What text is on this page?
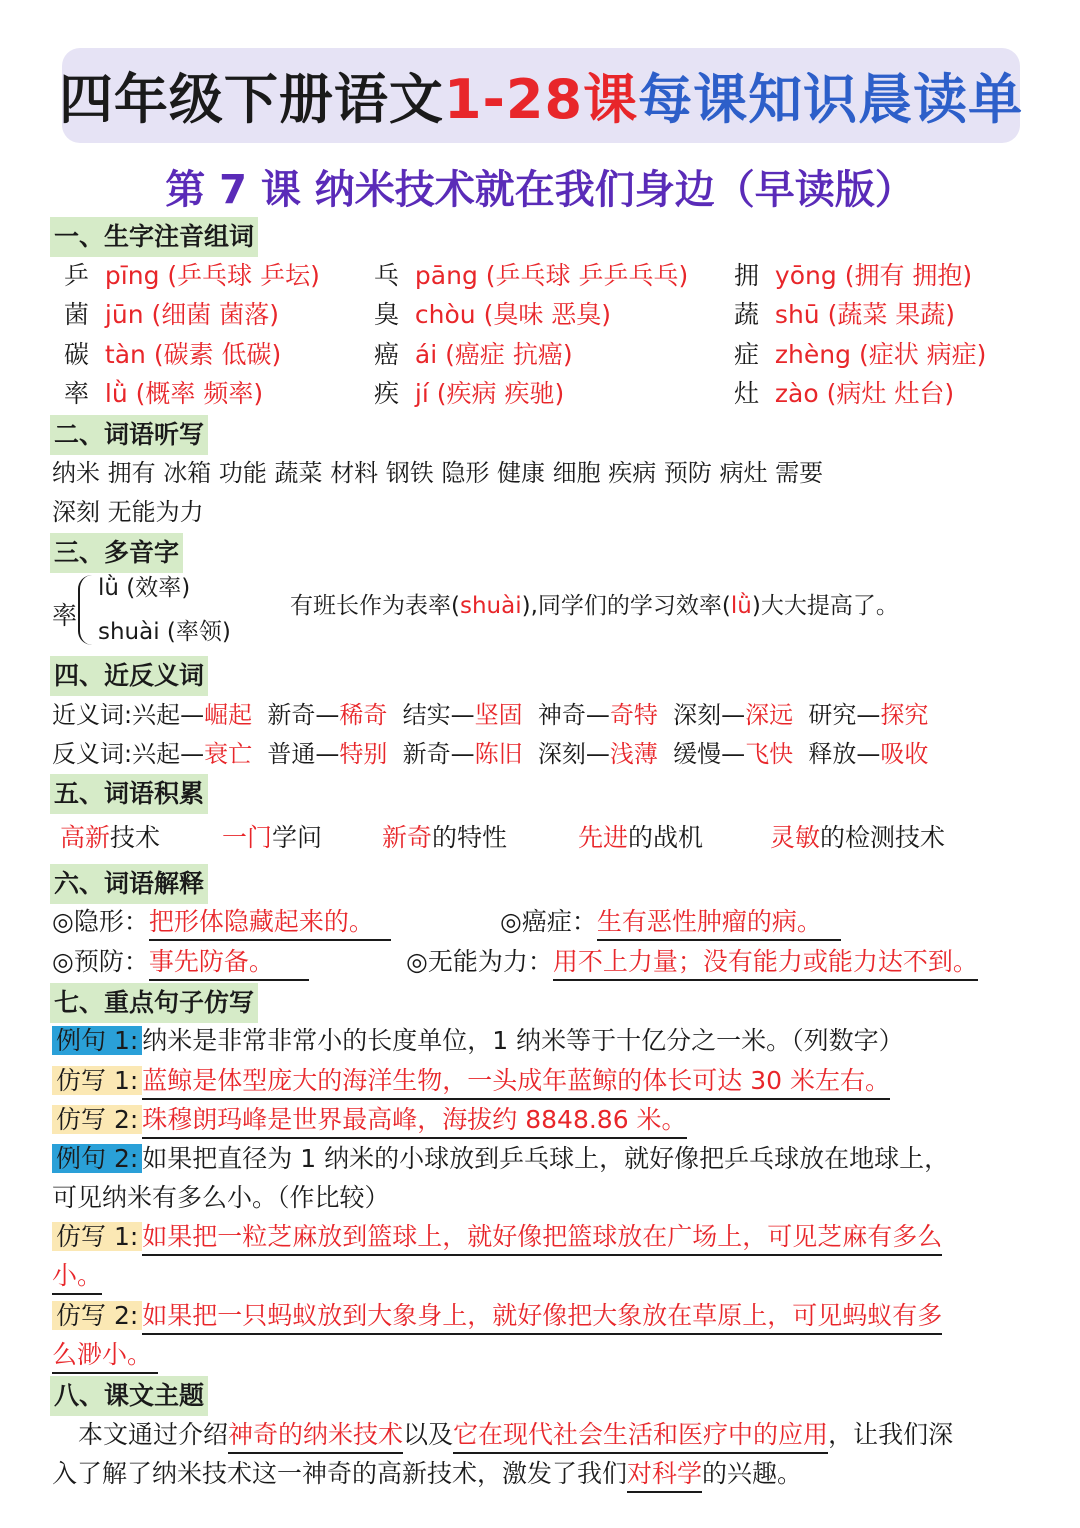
四年级下册语文 1-28课 每课知识晨读单
第 7 课 纳米技术就在我们身边（早读版）
一、生字注音组词
乒 pīng (乒乓球 乒坛) 乓 pāng (乒乓球 乒乒乓乓) 拥 yōng (拥有 拥抱)
菌 jūn (细菌 菌落)	臭 chòu (臭味 恶臭)	蔬 shū (蔬菜 果蔬)
碳 tàn (碳素 低碳)	癌 ái (癌症 抗癌)	症 zhèng (症状 病症)
率 lǜ (概率 频率)	疾 jí (疾病 疾驰)	灶 zào (病灶 灶台)
二、词语听写
纳米 拥有 冰箱 功能 蔬菜 材料 钢铁 隐形 健康 细胞 疾病 预防 病灶 需要
深刻 无能为力
三、多音字
率
lǜ (效率)
shuài (率领)
有班长作为表率(shuài),同学们的学习效率(lǜ)大大提高了。
四、近反义词
近义词:兴起—崛起 新奇—稀奇 结实—坚固 神奇—奇特 深刻—深远 研究—探究
反义词:兴起—衰亡 普通—特别 新奇—陈旧 深刻—浅薄 缓慢—飞快 释放—吸收
五、词语积累
高新技术 一门学问 新奇的特性	先进的战机	灵敏的检测技术
六、词语解释
◎隐形：把形体隐藏起来的。	◎癌症：生有恶性肿瘤的病。
◎预防：事先防备。	◎无能为力：用不上力量；没有能力或能力达不到。
七、重点句子仿写
例句 1: 纳米是非常非常小的长度单位，1 纳米等于十亿分之一米。（列数字）
仿写 1: 蓝鲸是体型庞大的海洋生物，一头成年蓝鲸的体长可达 30 米左右。
仿写 2: 珠穆朗玛峰是世界最高峰，海拔约 8848.86 米。
例句 2: 如果把直径为 1 纳米的小球放到乒乓球上，就好像把乒乓球放在地球上，
可见纳米有多么小。（作比较）
仿写 1: 如果把一粒芝麻放到篮球上，就好像把篮球放在广场上，可见芝麻有多么
小。
仿写 2: 如果把一只蚂蚁放到大象身上，就好像把大象放在草原上，可见蚂蚁有多
么渺小。
八、课文主题
本文通过介绍神奇的纳米技术以及它在现代社会生活和医疗中的应用，让我们深
入了解了纳米技术这一神奇的高新技术，激发了我们对科学的兴趣。
